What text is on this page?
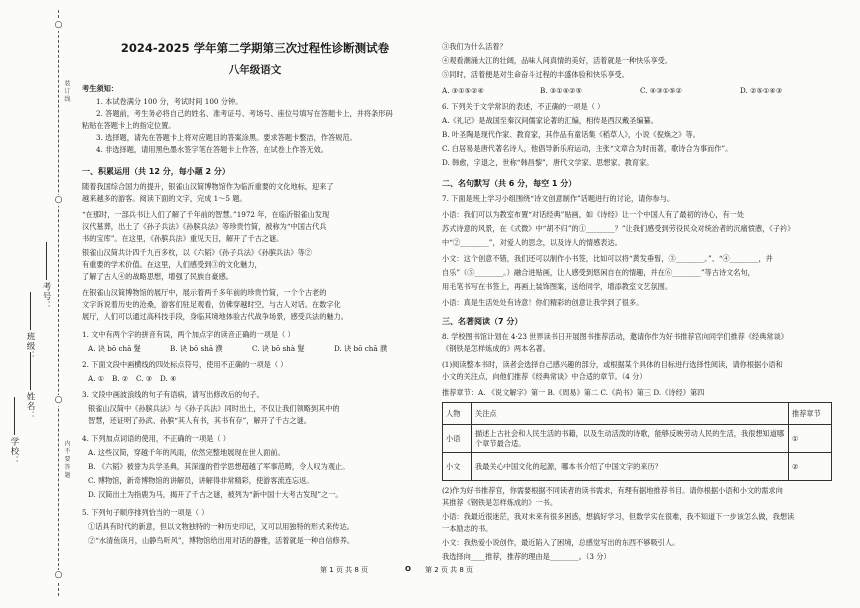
○
○
○
○
考号：
班级：
姓名：
学校：
装 订 线
内 不 要 答 题
2024-2025 学年第二学期第三次过程性诊断测试卷
八年级语文
考生须知：
1. 本试卷满分 100 分，考试时间 100 分钟。
2. 答题前，考生务必将自己的姓名、准考证号、考场号、座位号填写在答题卡上，并将条形码
粘贴在答题卡上的指定位置。
3. 选择题，请先在答题卡上将对应题目的答案涂黑。要求答题卡整洁，作答规范。
4. 非选择题，请用黑色墨水签字笔在答题卡上作答，在试卷上作答无效。
一、积累运用（共 12 分，每小题 2 分）
随着我国综合国力的提升，银雀山汉简博物馆作为临沂重要的文化地标，迎来了
越来越多的游客。阅读下面的文字，完成 1～5 题。
“在那时，一部兵书让人们了解了千年前的智慧。”1972 年，在临沂银雀山发现
汉代墓葬，出土了《孙子兵法》《孙膑兵法》等珍贵竹简，被称为“中国古代兵
书的宝库”。在这里，《孙膑兵法》重见天日，解开了千古之谜。
银雀山汉简共计四千九百多枚，以《六韬》《孙子兵法》《孙膑兵法》等②
有重要的学术价值。在这里，人们感受到③的文化魅力，
了解了古人④的战略思想，增强了民族自豪感。
在银雀山汉简博物馆的展厅中，展示着两千多年前的珍贵竹简，一个个古老的
文字诉说着历史的沧桑，游客们驻足观看，仿佛穿越时空，与古人对话。在数字化
展厅，人们可以通过高科技手段，身临其境地体验古代战争场景，感受兵法的魅力。
1. 文中有两个字的拼音有误，两个加点字的读音正确的一项是（ ）
A. 诀 bō chā 髮	B. 诀 bō shā 濮	C. 诀 bō shà 髮	D. 诀 bō chā 濮
2. 下面文段中画横线的四处标点符号，使用不正确的一项是（ ）
A. ① B. ② C. ③ D. ④
3. 文段中画波浪线的句子有语病，请写出修改后的句子。
银雀山汉简中《孙膑兵法》与《孙子兵法》同时出土，不仅让我们领略到其中的
智慧，还证明了孙武、孙膑“其人有书，其书有存”，解开了千古之谜。
4. 下列加点词语的使用，不正确的一项是（ ）
A. 这些汉简，穿越千年的风雨，依然完整地展现在世人面前。
B. 《六韬》被誉为兵学圣典，其深邃的哲学思想超越了军事范畴，令人叹为观止。
C. 博物馆，新奇博物馆的讲解员，讲解得非常精彩，使游客流连忘返。
D. 汉简出土为指鹿为马，揭开了千古之谜，被列为“新中国十大考古发现”之一。
5. 下列句子顺序排列恰当的一项是（ ）
①话具有时代的新意，但以文物独特的一种历史印记，又可以用独特的形式来传达。
②“水清鱼读月，山静鸟听风”，博物馆给出用对话的静雅，活着就是一种自信修养。
③我们为什么活着？
④观看潮涌大江的壮阔，品味人间真情的美好，活着就是一种快乐享受。
⑤同时，活着便是对生命奋斗过程的丰盛体验和快乐享受。
A. ③①⑤②④	B. ③①④②⑤	C. ④③①⑤②	D. ②⑤①④③
6. 下列关于文学常识的表述，不正确的一项是（ ）
A.《礼记》是战国至秦汉间儒家论著的汇编，相传是西汉戴圣编纂。
B. 叶圣陶是现代作家、教育家，其作品有童话集《稻草人》，小说《倪焕之》等。
C. 白居易是唐代著名诗人，他倡导新乐府运动，主张“文章合为时而著，歌诗合为事而作”。
D. 韩愈，字退之，世称“韩昌黎”，唐代文学家、思想家、教育家。
二、名句默写（共 6 分，每空 1 分）
7. 下面是班上学习小组围绕“诗文创意制作”话题进行的讨论，请你参与。
小语：我们可以为教室布置“对话经典”贴画，如《诗经》让一个中国人有了最初的诗心，有一处
苏式诗意的风景，在《式微》中“胡不归”的①________？”让我们感受到劳役民众对统治者的沉痛愤懑，《子衿》
中“②________”，对爱人的思念，以及诗人的情感表达。
小文：这个创意不错，我们还可以制作小书签，比如可以将“黄发垂髫，③________。”、“④________，并
自乐”（⑤________。）融合进贴画，让人感受到悠闲自在的情趣，并在⑥________”等古诗文名句，
用毛笔书写在书签上，再画上装饰图案，送给同学，增添教室文艺氛围。
小语：真是生活处处有诗意！你们精彩的创意让我学到了很多。
三、名著阅读（7 分）
8. 学校图书馆计划在 4·23 世界读书日开展图书推荐活动，邀请你作为好书推荐官向同学们推荐《经典常谈》
《钢铁是怎样炼成的》两本名著。
(1)阅读整本书时，读者会选择自己感兴趣的部分，或根据某个具体的目标进行选择性阅读，请你根据小语和
小文的关注点，向他们推荐《经典常谈》中合适的章节。（4 分）
推荐章节：A. 《说文解字》第一 B.《周易》第二 C.《尚书》第三 D.《诗经》第四
人物	关注点	推荐章节
小语	描述上古社会和人民生活的书籍，以及生动活泼的诗歌，能够反映劳动人民的生活，我很想知道哪个章节最合适。	①
小文	我最关心中国文化的起源，哪本书介绍了中国文字的来历？	②
(2)作为好书推荐官，你需要根据不同读者的读书需求，有理有据地推荐书目。请你根据小语和小文的需求向
其推荐《钢铁是怎样炼成的》一书。
小语：我最近很迷茫，我对未来有很多困惑，想搞好学习，但数学实在很难，我不知道下一步该怎么做，我想读
一本励志的书。
小文：我热爱小说创作，最近陷入了困境，总感觉写出的东西不够吸引人。
我选择向____推荐，推荐的理由是________。（3 分）
第 1 页 共 8 页	O 第 2 页 共 8 页
